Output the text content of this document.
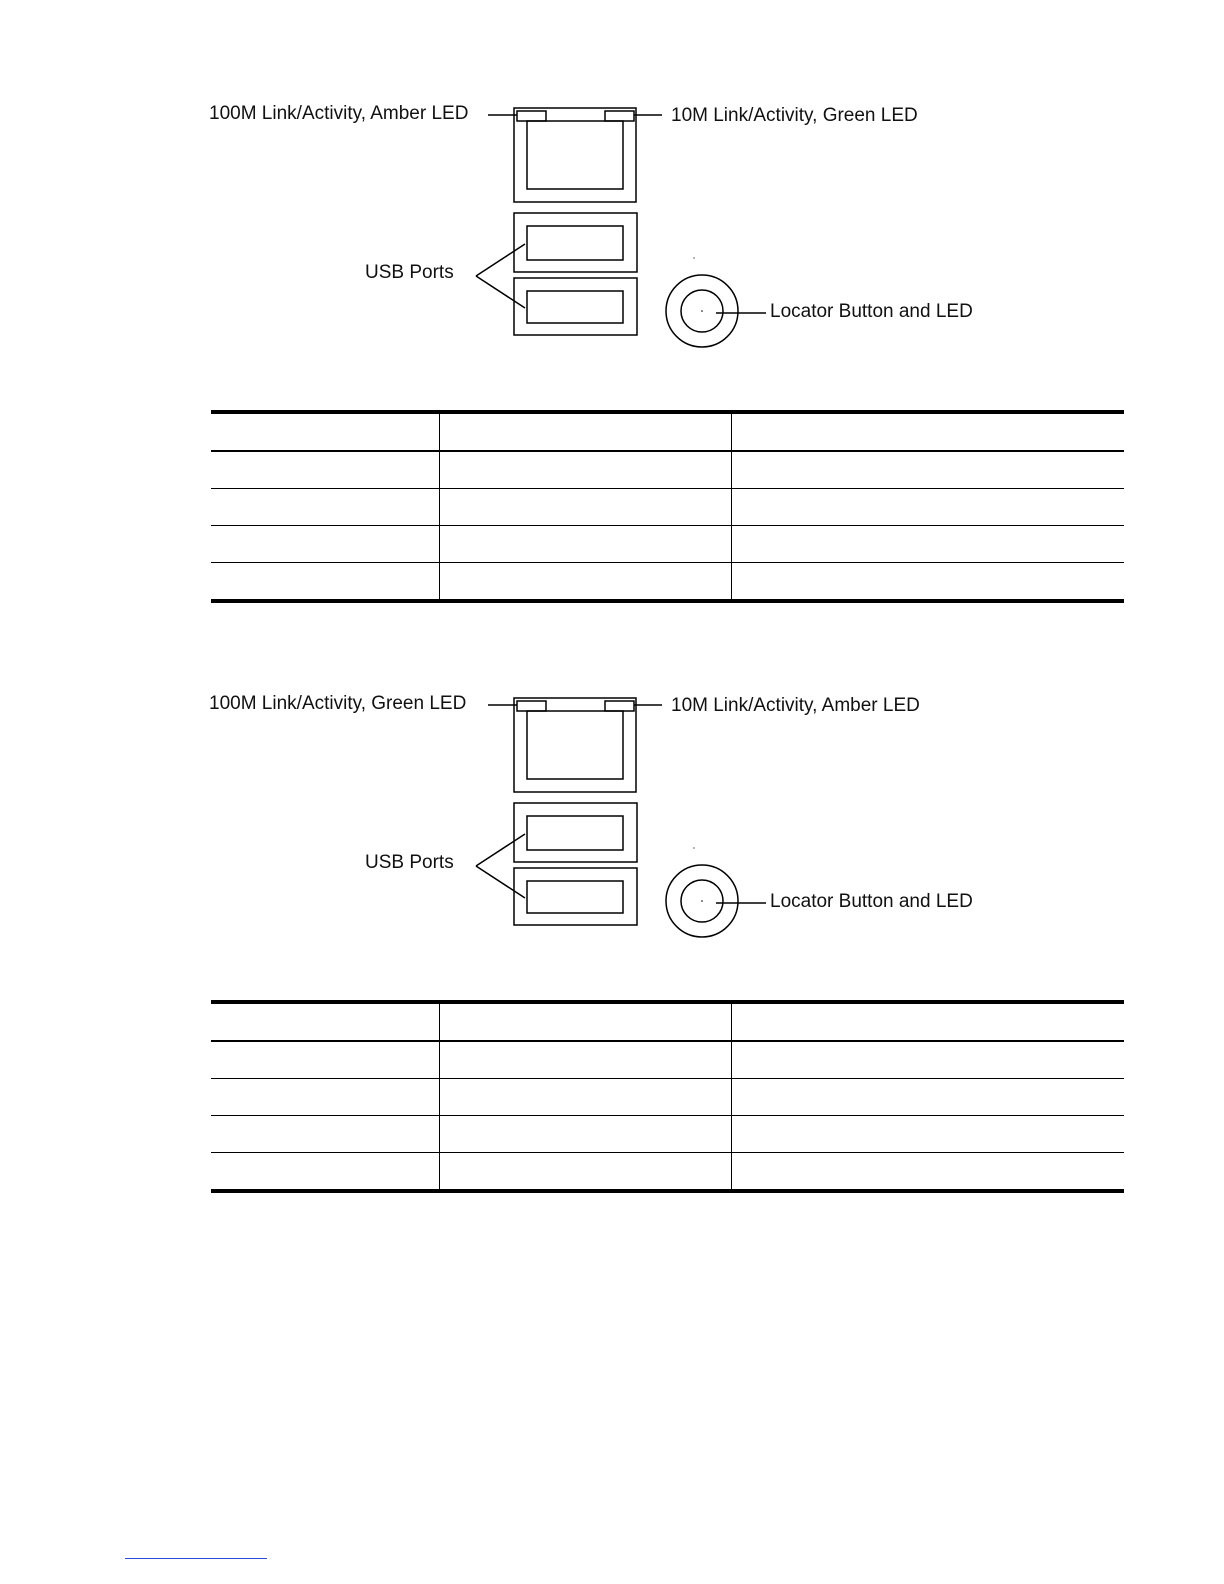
100M Link/Activity, Amber LED	10M Link/Activity, Green LED
USB Ports
Locator Button and LED

100M Link/Activity, Green LED	10M Link/Activity, Amber LED
USB Ports
Locator Button and LED
